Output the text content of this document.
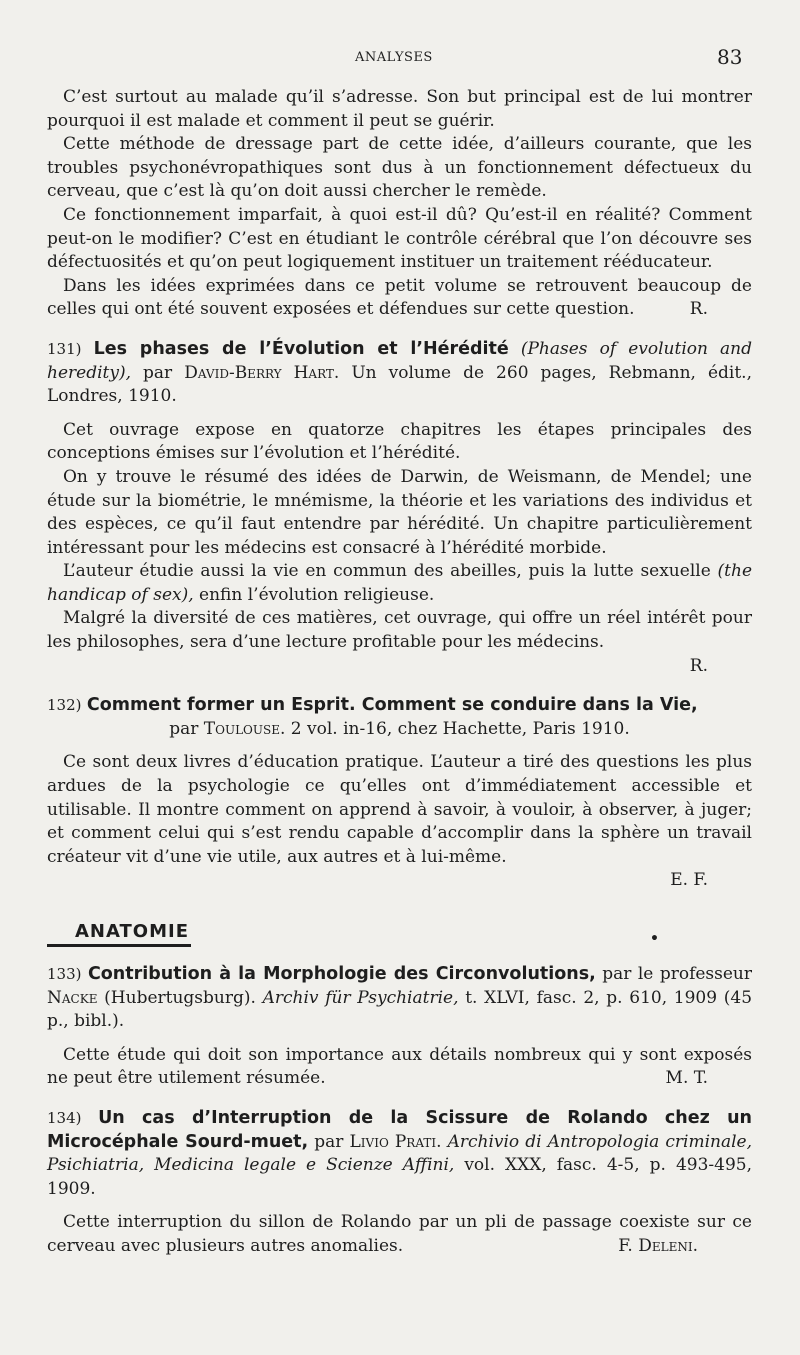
ANALYSES	83

C’est surtout au malade qu’il s’adresse. Son but principal est de lui montrer pourquoi il est malade et comment il peut se guérir.

Cette méthode de dressage part de cette idée, d’ailleurs courante, que les troubles psychonévropathiques sont dus à un fonctionnement défectueux du cerveau, que c’est là qu’on doit aussi chercher le remède.

Ce fonctionnement imparfait, à quoi est-il dû? Qu’est-il en réalité? Comment peut-on le modifier? C’est en étudiant le contrôle cérébral que l’on découvre ses défectuosités et qu’on peut logiquement instituer un traitement rééducateur.

Dans les idées exprimées dans ce petit volume se retrouvent beaucoup de celles qui ont été souvent exposées et défendues sur cette question.	R.

131) Les phases de l’Évolution et l’Hérédité (Phases of evolution and heredity), par David-Berry Hart. Un volume de 260 pages, Rebmann, édit., Londres, 1910.

Cet ouvrage expose en quatorze chapitres les étapes principales des conceptions émises sur l’évolution et l’hérédité.

On y trouve le résumé des idées de Darwin, de Weismann, de Mendel; une étude sur la biométrie, le mnémisme, la théorie et les variations des individus et des espèces, ce qu’il faut entendre par hérédité. Un chapitre particulièrement intéressant pour les médecins est consacré à l’hérédité morbide.

L’auteur étudie aussi la vie en commun des abeilles, puis la lutte sexuelle (the handicap of sex), enfin l’évolution religieuse.

Malgré la diversité de ces matières, cet ouvrage, qui offre un réel intérêt pour les philosophes, sera d’une lecture profitable pour les médecins.

R.

132) Comment former un Esprit. Comment se conduire dans la Vie,
par Toulouse. 2 vol. in-16, chez Hachette, Paris 1910.

Ce sont deux livres d’éducation pratique. L’auteur a tiré des questions les plus ardues de la psychologie ce qu’elles ont d’immédiatement accessible et utilisable. Il montre comment on apprend à savoir, à vouloir, à observer, à juger; et comment celui qui s’est rendu capable d’accomplir dans la sphère un travail créateur vit d’une vie utile, aux autres et à lui-même.

E. F.

ANATOMIE	•
133) Contribution à la Morphologie des Circonvolutions, par le professeur Nacke (Hubertugsburg). Archiv für Psychiatrie, t. XLVI, fasc. 2, p. 610, 1909 (45 p., bibl.).

Cette étude qui doit son importance aux détails nombreux qui y sont exposés ne peut être utilement résumée.	M. T.

134) Un cas d’Interruption de la Scissure de Rolando chez un Microcéphale Sourd-muet, par Livio Prati. Archivio di Antropologia criminale, Psichiatria, Medicina legale e Scienze Affini, vol. XXX, fasc. 4-5, p. 493-495, 1909.

Cette interruption du sillon de Rolando par un pli de passage coexiste sur ce cerveau avec plusieurs autres anomalies.	F. Deleni.
